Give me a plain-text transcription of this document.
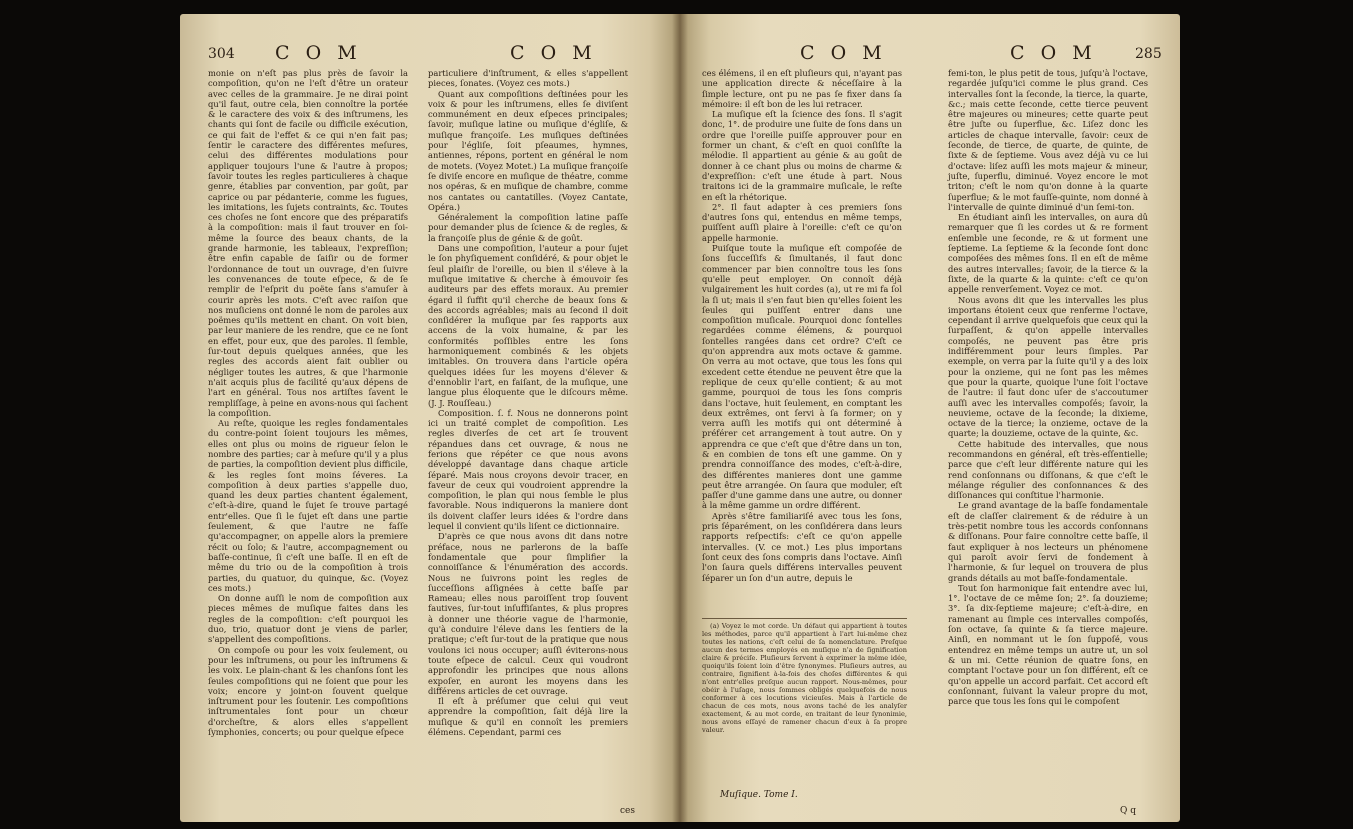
304 C O M	C O M

monie on n'eſt pas plus près de ſavoir la compoſition, qu'on ne l'eſt d'être un orateur avec celles de la grammaire. Je ne dirai point qu'il faut, outre cela, bien connoître la portée & le caractere des voix & des inſtrumens, les chants qui ſont de facile ou difficile exécution, ce qui fait de l'effet & ce qui n'en fait pas; ſentir le caractere des différentes meſures, celui des différentes modulations pour appliquer toujours l'une & l'autre à propos; ſavoir toutes les regles particulieres à chaque genre, établies par convention, par goût, par caprice ou par pédanterie, comme les fugues, les imitations, les ſujets contraints, &c. Toutes ces choſes ne ſont encore que des préparatifs à la compoſition: mais il faut trouver en ſoi-même la ſource des beaux chants, de la grande harmonie, les tableaux, l'expreſſion; être enfin capable de ſaiſir ou de former l'ordonnance de tout un ouvrage, d'en ſuivre les convenances de toute eſpece, & de ſe remplir de l'eſprit du poëte ſans s'amuſer à courir après les mots. C'eſt avec raiſon que nos muſiciens ont donné le nom de paroles aux poëmes qu'ils mettent en chant. On voit bien, par leur maniere de les rendre, que ce ne ſont en effet, pour eux, que des paroles. Il ſemble, ſur-tout depuis quelques années, que les regles des accords aient fait oublier ou négliger toutes les autres, & que l'harmonie n'ait acquis plus de facilité qu'aux dépens de l'art en général. Tous nos artiſtes ſavent le rempliſſage, à peine en avons-nous qui ſachent la compoſition.

Au reſte, quoique les regles fondamentales du contre-point ſoient toujours les mêmes, elles ont plus ou moins de rigueur ſelon le nombre des parties; car à meſure qu'il y a plus de parties, la compoſition devient plus difficile, & les regles ſont moins ſéveres. La compoſition à deux parties s'appelle duo, quand les deux parties chantent également, c'eſt-à-dire, quand le ſujet ſe trouve partagé entr'elles. Que ſi le ſujet eſt dans une partie ſeulement, & que l'autre ne faſſe qu'accompagner, on appelle alors la premiere récit ou ſolo; & l'autre, accompagnement ou baſſe-continue, ſi c'eſt une baſſe. Il en eſt de même du trio ou de la compoſition à trois parties, du quatuor, du quinque, &c. (Voyez ces mots.)

On donne auſſi le nom de compoſition aux pieces mêmes de muſique faites dans les regles de la compoſition: c'eſt pourquoi les duo, trio, quatuor dont je viens de parler, s'appellent des compoſitions.

On compoſe ou pour les voix ſeulement, ou pour les inſtrumens, ou pour les inſtrumens & les voix. Le plain-chant & les chanſons ſont les ſeules compoſitions qui ne ſoient que pour les voix; encore y joint-on ſouvent quelque inſtrument pour les ſoutenir. Les compoſitions inſtrumentales ſont pour un chœur d'orcheſtre, & alors elles s'appellent ſymphonies, concerts; ou pour quelque eſpece

particuliere d'inſtrument, & elles s'appellent pieces, ſonates. (Voyez ces mots.)

Quant aux compoſitions deſtinées pour les voix & pour les inſtrumens, elles ſe diviſent communément en deux eſpeces principales; ſavoir, muſique latine ou muſique d'égliſe, & muſique françoiſe. Les muſiques deſtinées pour l'égliſe, ſoit pſeaumes, hymnes, antiennes, répons, portent en général le nom de motets. (Voyez Motet.) La muſique françoiſe ſe diviſe encore en muſique de théatre, comme nos opéras, & en muſique de chambre, comme nos cantates ou cantatilles. (Voyez Cantate, Opéra.)

Généralement la compoſition latine paſſe pour demander plus de ſcience & de regles, & la françoiſe plus de génie & de goût.

Dans une compoſition, l'auteur a pour ſujet le ſon phyſiquement conſidéré, & pour objet le ſeul plaiſir de l'oreille, ou bien il s'éleve à la muſique imitative & cherche à émouvoir ſes auditeurs par des effets moraux. Au premier égard il ſuffit qu'il cherche de beaux ſons & des accords agréables; mais au ſecond il doit conſidérer la muſique par ſes rapports aux accens de la voix humaine, & par les conformités poſſibles entre les ſons harmoniquement combinés & les objets imitables. On trouvera dans l'article opéra quelques idées ſur les moyens d'élever & d'ennoblir l'art, en faiſant, de la muſique, une langue plus éloquente que le diſcours même. (J. J. Rouſſeau.)

Composition. ſ. f. Nous ne donnerons point ici un traité complet de compoſition. Les regles diverſes de cet art ſe trouvent répandues dans cet ouvrage, & nous ne ferions que répéter ce que nous avons développé davantage dans chaque article ſéparé. Mais nous croyons devoir tracer, en faveur de ceux qui voudroient apprendre la compoſition, le plan qui nous ſemble le plus favorable. Nous indiquerons la maniere dont ils doivent claſſer leurs idées & l'ordre dans lequel il convient qu'ils liſent ce dictionnaire.

D'après ce que nous avons dit dans notre préface, nous ne parlerons de la baſſe fondamentale que pour ſimplifier la connoiſſance & l'énumération des accords. Nous ne ſuivrons point les regles de ſucceſſions aſſignées à cette baſſe par Rameau; elles nous paroiſſent trop ſouvent fautives, ſur-tout inſuffiſantes, & plus propres à donner une théorie vague de l'harmonie, qu'à conduire l'éleve dans les ſentiers de la pratique; c'eſt ſur-tout de la pratique que nous voulons ici nous occuper; auſſi éviterons-nous toute eſpece de calcul. Ceux qui voudront approfondir les principes que nous allons expoſer, en auront les moyens dans les différens articles de cet ouvrage.

Il eſt à préſumer que celui qui veut apprendre la compoſition, ſait déjà lire la muſique & qu'il en connoît les premiers élémens. Cependant, parmi ces

ces
C O M	C O M	285

ces élémens, il en eſt pluſieurs qui, n'ayant pas une application directe & néceſſaire à la ſimple lecture, ont pu ne pas ſe fixer dans ſa mémoire: il eſt bon de les lui retracer.

La muſique eſt la ſcience des ſons. Il s'agit donc, 1°. de produire une ſuite de ſons dans un ordre que l'oreille puiſſe approuver pour en former un chant, & c'eſt en quoi conſiſte la mélodie. Il appartient au génie & au goût de donner à ce chant plus ou moins de charme & d'expreſſion: c'eſt une étude à part. Nous traitons ici de la grammaire muſicale, le reſte en eſt la rhétorique.

2°. Il faut adapter à ces premiers ſons d'autres ſons qui, entendus en même temps, puiſſent auſſi plaire à l'oreille: c'eſt ce qu'on appelle harmonie.

Puiſque toute la muſique eſt compoſée de ſons ſucceſſifs & ſimultanés, il faut donc commencer par bien connoître tous les ſons qu'elle peut employer. On connoît déjà vulgairement les huit cordes (a), ut re mi fa ſol la ſi ut; mais il s'en faut bien qu'elles ſoient les ſeules qui puiſſent entrer dans une compoſition muſicale. Pourquoi donc ſontelles regardées comme élémens, & pourquoi ſontelles rangées dans cet ordre? C'eſt ce qu'on apprendra aux mots octave & gamme. On verra au mot octave, que tous les ſons qui excedent cette étendue ne peuvent être que la replique de ceux qu'elle contient; & au mot gamme, pourquoi de tous les ſons compris dans l'octave, huit ſeulement, en comptant les deux extrêmes, ont ſervi à ſa former; on y verra auſſi les motifs qui ont déterminé à préférer cet arrangement à tout autre. On y apprendra ce que c'eſt que d'être dans un ton, & en combien de tons eſt une gamme. On y prendra connoiſſance des modes, c'eſt-à-dire, des différentes manieres dont une gamme peut être arrangée. On ſaura que moduler, eſt paſſer d'une gamme dans une autre, ou donner à la même gamme un ordre différent.

Après s'être familiariſé avec tous les ſons, pris ſéparément, on les conſidérera dans leurs rapports reſpectifs: c'eſt ce qu'on appelle intervalles. (V. ce mot.) Les plus importans ſont ceux des ſons compris dans l'octave. Ainſi l'on ſaura quels différens intervalles peuvent ſéparer un ſon d'un autre, depuis le

(a) Voyez le mot corde. Un défaut qui appartient à toutes les méthodes, parce qu'il appartient à l'art lui-même chez toutes les nations, c'eſt celui de ſa nomenclature. Preſque aucun des termes employés en muſique n'a de ſignification claire & préciſe. Pluſieurs ſervent à exprimer la même idée, quoiqu'ils ſoient loin d'être ſynonymes. Pluſieurs autres, au contraire, ſignifient à-la-fois des choſes différentes & qui n'ont entr'elles preſque aucun rapport. Nous-mêmes, pour obéir à l'uſage, nous ſommes obligés quelquefois de nous conformer à ces locutions vicieuſes. Mais à l'article de chacun de ces mots, nous avons taché de les analyſer exactement, & au mot corde, en traitant de leur ſynonimie, nous avons eſſayé de ramener chacun d'eux à ſa propre valeur.

Muſique. Tome I.

femi-ton, le plus petit de tous, juſqu'à l'octave, regardée juſqu'ici comme le plus grand. Ces intervalles ſont la ſeconde, la tierce, la quarte, &c.; mais cette ſeconde, cette tierce peuvent être majeures ou mineures; cette quarte peut être juſte ou ſuperflue, &c. Liſez donc les articles de chaque intervalle, ſavoir: ceux de ſeconde, de tierce, de quarte, de quinte, de ſixte & de ſeptieme. Vous avez déjà vu ce lui d'octave: liſez auſſi les mots majeur & mineur, juſte, ſuperflu, diminué. Voyez encore le mot triton; c'eſt le nom qu'on donne à la quarte ſuperflue; & le mot fauſſe-quinte, nom donné à l'intervalle de quinte diminué d'un ſemi-ton.

En étudiant ainſi les intervalles, on aura dû remarquer que ſi les cordes ut & re forment enſemble une ſeconde, re & ut forment une ſeptieme. La ſeptieme & la ſeconde ſont donc compoſées des mêmes ſons. Il en eſt de même des autres intervalles; ſavoir, de la tierce & la ſixte, de la quarte & la quinte: c'eſt ce qu'on appelle renverſement. Voyez ce mot.

Nous avons dit que les intervalles les plus importans étoient ceux que renferme l'octave, cependant il arrive quelquefois que ceux qui la ſurpaſſent, & qu'on appelle intervalles compoſés, ne peuvent pas être pris indifféremment pour leurs ſimples. Par exemple, on verra par la ſuite qu'il y a des loix pour la onzieme, qui ne ſont pas les mêmes que pour la quarte, quoique l'une ſoit l'octave de l'autre: il faut donc uſer de s'accoutumer auſſi avec les intervalles compoſés; ſavoir, la neuvieme, octave de la ſeconde; la dixieme, octave de la tierce; la onzieme, octave de la quarte; la douzieme, octave de la quinte, &c.

Cette habitude des intervalles, que nous recommandons en général, eſt très-eſſentielle; parce que c'eſt leur différente nature qui les rend conſonnans ou diſſonans, & que c'eſt le mélange régulier des conſonnances & des diſſonances qui conſtitue l'harmonie.

Le grand avantage de la baſſe fondamentale eſt de claſſer clairement & de réduire à un très-petit nombre tous les accords conſonnans & diſſonans. Pour faire connoître cette baſſe, il faut expliquer à nos lecteurs un phénomene qui paroît avoir ſervi de fondement à l'harmonie, & ſur lequel on trouvera de plus grands détails au mot baſſe-fondamentale.

Tout ſon harmonique fait entendre avec lui, 1°. l'octave de ce même ſon; 2°. ſa douzieme; 3°. ſa dix-ſeptieme majeure; c'eſt-à-dire, en ramenant au ſimple ces intervalles compoſés, ſon octave, ſa quinte & ſa tierce majeure. Ainſi, en nommant ut le ſon ſuppoſé, vous entendrez en même temps un autre ut, un sol & un mi. Cette réunion de quatre ſons, en comptant l'octave pour un ſon différent, eſt ce qu'on appelle un accord parfait. Cet accord eſt conſonnant, ſuivant la valeur propre du mot, parce que tous les ſons qui le compoſent

Q q
